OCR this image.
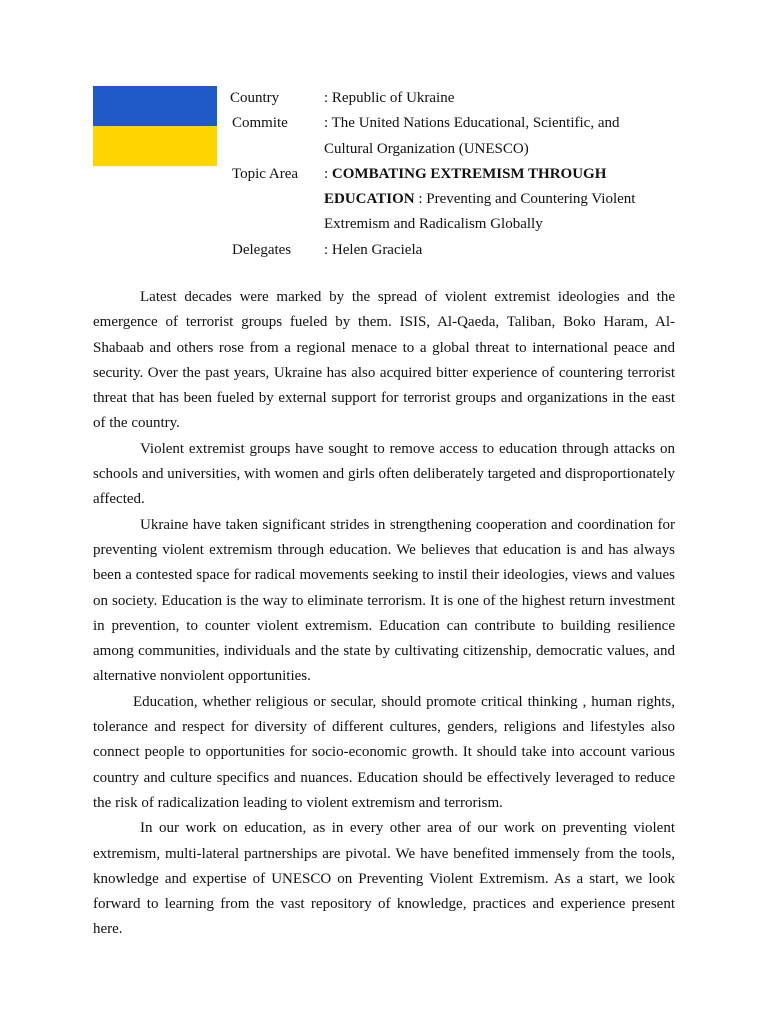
Country	: Republic of Ukraine
Commite	: The United Nations Educational, Scientific, and Cultural Organization (UNESCO)
Topic Area	: COMBATING EXTREMISM THROUGH EDUCATION : Preventing and Countering Violent Extremism and Radicalism Globally
Delegates	: Helen Graciela

Latest decades were marked by the spread of violent extremist ideologies and the emergence of terrorist groups fueled by them. ISIS, Al-Qaeda, Taliban, Boko Haram, Al-Shabaab and others rose from a regional menace to a global threat to international peace and security. Over the past years, Ukraine has also acquired bitter experience of countering terrorist threat that has been fueled by external support for terrorist groups and organizations in the east of the country.

Violent extremist groups have sought to remove access to education through attacks on schools and universities, with women and girls often deliberately targeted and disproportionately affected.

Ukraine have taken significant strides in strengthening cooperation and coordination for preventing violent extremism through education. We believes that education is and has always been a contested space for radical movements seeking to instil their ideologies, views and values on society. Education is the way to eliminate terrorism. It is one of the highest return investment in prevention, to counter violent extremism. Education can contribute to building resilience among communities, individuals and the state by cultivating citizenship, democratic values, and alternative nonviolent opportunities.

Education, whether religious or secular, should promote critical thinking , human rights, tolerance and respect for diversity of different cultures, genders, religions and lifestyles also connect people to opportunities for socio-economic growth. It should take into account various country and culture specifics and nuances. Education should be effectively leveraged to reduce the risk of radicalization leading to violent extremism and terrorism.

In our work on education, as in every other area of our work on preventing violent extremism, multi-lateral partnerships are pivotal. We have benefited immensely from the tools, knowledge and expertise of UNESCO on Preventing Violent Extremism. As a start, we look forward to learning from the vast repository of knowledge, practices and experience present here.
